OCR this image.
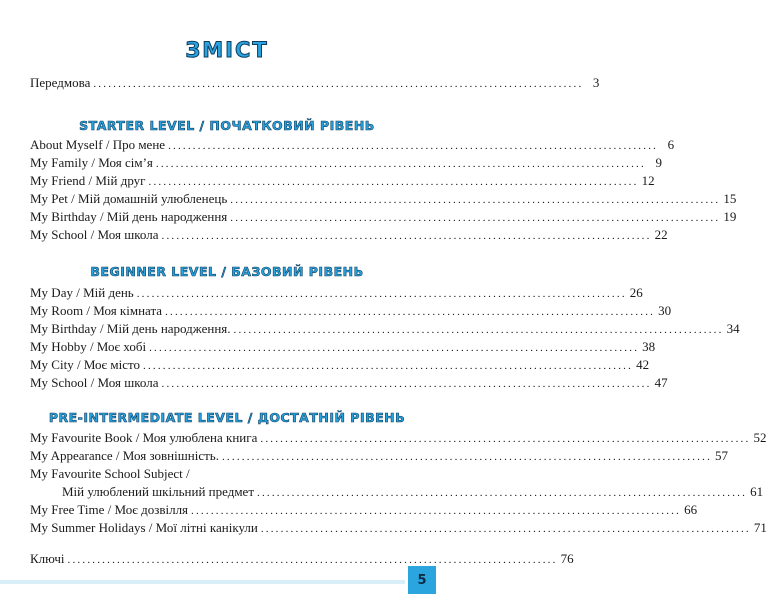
ЗМІСТ
Передмова ................................................................................................... 3
STARTER LEVEL / ПОЧАТКОВИЙ РІВЕНЬ
About Myself / Про мене ................................................................................................... 6
My Family / Моя сім’я ................................................................................................... 9
My Friend / Мій друг ................................................................................................... 12
My Pet / Мій домашній улюбленець ................................................................................................... 15
My Birthday / Мій день народження ................................................................................................... 19
My School / Моя школа ................................................................................................... 22
BEGINNER LEVEL / БАЗОВИЙ РІВЕНЬ
My Day / Мій день ................................................................................................... 26
My Room / Моя кімната ................................................................................................... 30
My Birthday / Мій день народження. ................................................................................................... 34
My Hobby / Моє хобі ................................................................................................... 38
My City / Моє місто ................................................................................................... 42
My School / Моя школа ................................................................................................... 47
PRE-INTERMEDIATE LEVEL / ДОСТАТНІЙ РІВЕНЬ
My Favourite Book / Моя улюблена книга ................................................................................................... 52
My Appearance / Моя зовнішність. ................................................................................................... 57
My Favourite School Subject /
Мій улюблений шкільний предмет ................................................................................................... 61
My Free Time / Моє дозвілля ................................................................................................... 66
My Summer Holidays / Мої літні канікули ................................................................................................... 71
Ключі ................................................................................................... 76
5
